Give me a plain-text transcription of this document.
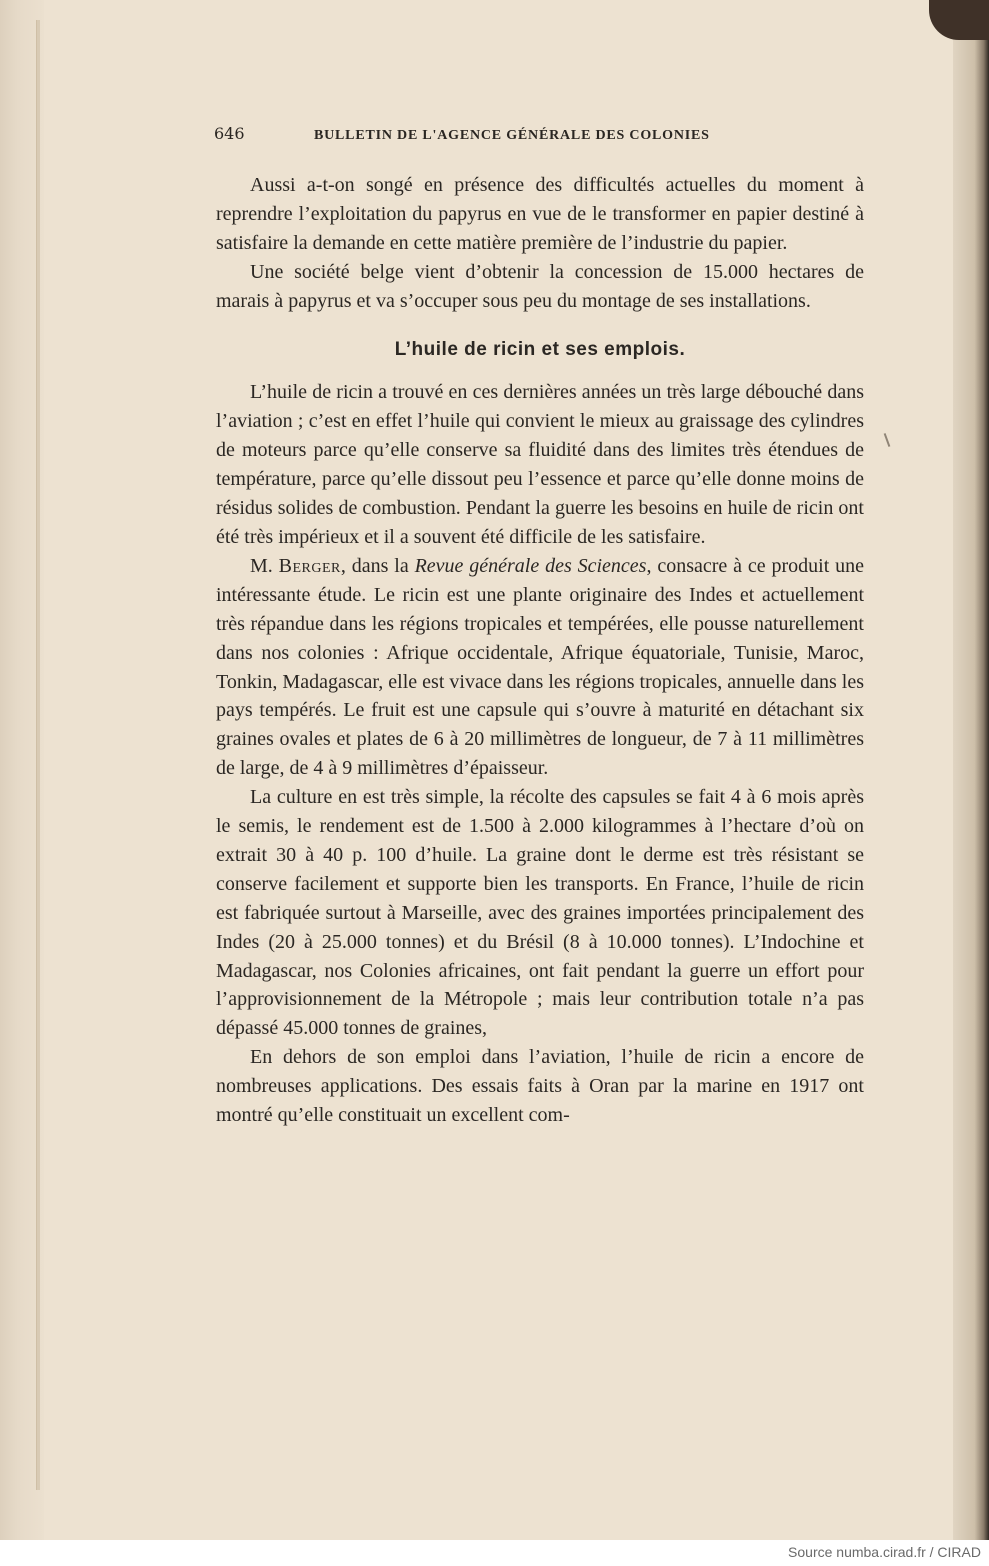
646	BULLETIN DE L'AGENCE GÉNÉRALE DES COLONIES

Aussi a-t-on songé en présence des difficultés actuelles du moment à reprendre l’exploitation du papyrus en vue de le transformer en papier destiné à satisfaire la demande en cette matière première de l’industrie du papier.

Une société belge vient d’obtenir la concession de 15.000 hectares de marais à papyrus et va s’occuper sous peu du montage de ses installations.

L’huile de ricin et ses emplois.

L’huile de ricin a trouvé en ces dernières années un très large débouché dans l’aviation ; c’est en effet l’huile qui convient le mieux au graissage des cylindres de moteurs parce qu’elle conserve sa fluidité dans des limites très étendues de température, parce qu’elle dissout peu l’essence et parce qu’elle donne moins de résidus solides de combustion. Pendant la guerre les besoins en huile de ricin ont été très impérieux et il a souvent été difficile de les satisfaire.

M. Berger, dans la Revue générale des Sciences, consacre à ce produit une intéressante étude. Le ricin est une plante originaire des Indes et actuellement très répandue dans les régions tropicales et tempérées, elle pousse naturellement dans nos colonies : Afrique occidentale, Afrique équatoriale, Tunisie, Maroc, Tonkin, Madagascar, elle est vivace dans les régions tropicales, annuelle dans les pays tempérés. Le fruit est une capsule qui s’ouvre à maturité en détachant six graines ovales et plates de 6 à 20 millimètres de longueur, de 7 à 11 millimètres de large, de 4 à 9 millimètres d’épaisseur.

La culture en est très simple, la récolte des capsules se fait 4 à 6 mois après le semis, le rendement est de 1.500 à 2.000 kilogrammes à l’hectare d’où on extrait 30 à 40 p. 100 d’huile. La graine dont le derme est très résistant se conserve facilement et supporte bien les transports. En France, l’huile de ricin est fabriquée surtout à Marseille, avec des graines importées principalement des Indes (20 à 25.000 tonnes) et du Brésil (8 à 10.000 tonnes). L’Indochine et Madagascar, nos Colonies africaines, ont fait pendant la guerre un effort pour l’approvisionnement de la Métropole ; mais leur contribution totale n’a pas dépassé 45.000 tonnes de graines,

En dehors de son emploi dans l’aviation, l’huile de ricin a encore de nombreuses applications. Des essais faits à Oran par la marine en 1917 ont montré qu’elle constituait un excellent com-

Source numba.cirad.fr / CIRAD
